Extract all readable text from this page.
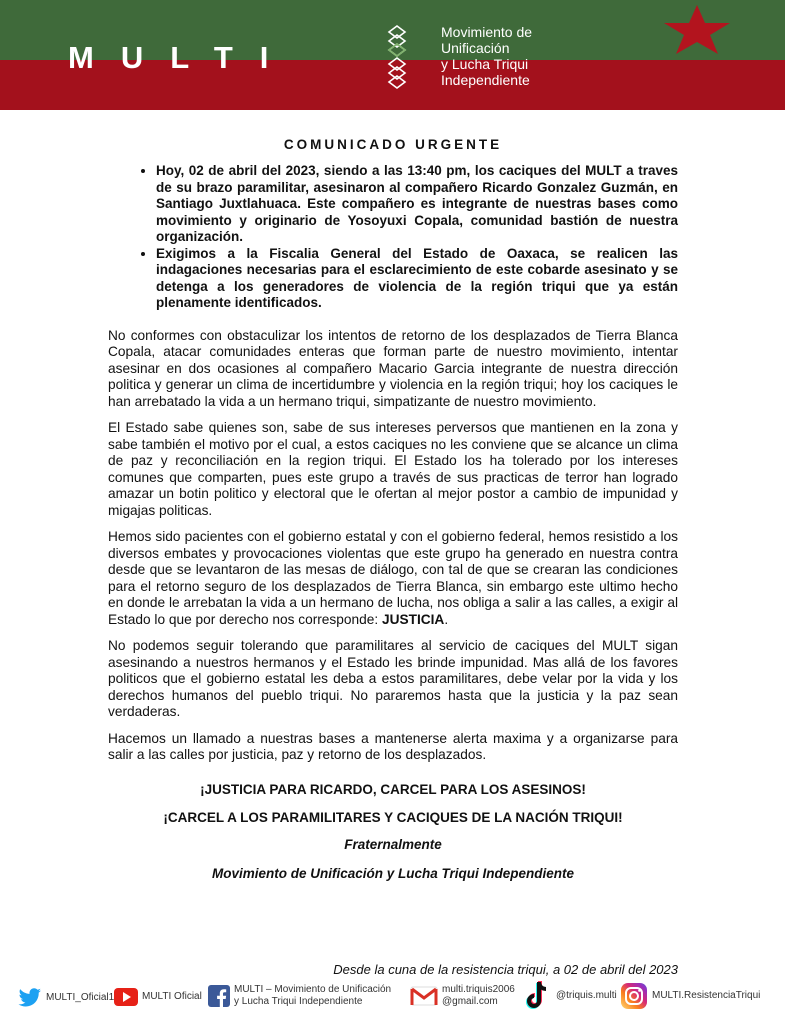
MULTI
Movimiento de
Unificación
y Lucha Triqui
Independiente
COMUNICADO URGENTE
• Hoy, 02 de abril del 2023, siendo a las 13:40 pm, los caciques del MULT a traves de su brazo paramilitar, asesinaron al compañero Ricardo Gonzalez Guzmán, en Santiago Juxtlahuaca. Este compañero es integrante de nuestras bases como movimiento y originario de Yosoyuxi Copala, comunidad bastión de nuestra organización.
• Exigimos a la Fiscalia General del Estado de Oaxaca, se realicen las indagaciones necesarias para el esclarecimiento de este cobarde asesinato y se detenga a los generadores de violencia de la región triqui que ya están plenamente identificados.

No conformes con obstaculizar los intentos de retorno de los desplazados de Tierra Blanca Copala, atacar comunidades enteras que forman parte de nuestro movimiento, intentar asesinar en dos ocasiones al compañero Macario Garcia integrante de nuestra dirección politica y generar un clima de incertidumbre y violencia en la región triqui; hoy los caciques le han arrebatado la vida a un hermano triqui, simpatizante de nuestro movimiento.

El Estado sabe quienes son, sabe de sus intereses perversos que mantienen en la zona y sabe también el motivo por el cual, a estos caciques no les conviene que se alcance un clima de paz y reconciliación en la region triqui. El Estado los ha tolerado por los intereses comunes que comparten, pues este grupo a través de sus practicas de terror han logrado amazar un botin politico y electoral que le ofertan al mejor postor a cambio de impunidad y migajas politicas.

Hemos sido pacientes con el gobierno estatal y con el gobierno federal, hemos resistido a los diversos embates y provocaciones violentas que este grupo ha generado en nuestra contra desde que se levantaron de las mesas de diálogo, con tal de que se crearan las condiciones para el retorno seguro de los desplazados de Tierra Blanca, sin embargo este ultimo hecho en donde le arrebatan la vida a un hermano de lucha, nos obliga a salir a las calles, a exigir al Estado lo que por derecho nos corresponde: JUSTICIA.

No podemos seguir tolerando que paramilitares al servicio de caciques del MULT sigan asesinando a nuestros hermanos y el Estado les brinde impunidad. Mas allá de los favores politicos que el gobierno estatal les deba a estos paramilitares, debe velar por la vida y los derechos humanos del pueblo triqui. No pararemos hasta que la justicia y la paz sean verdaderas.

Hacemos un llamado a nuestras bases a mantenerse alerta maxima y a organizarse para salir a las calles por justicia, paz y retorno de los desplazados.

¡JUSTICIA PARA RICARDO, CARCEL PARA LOS ASESINOS!
¡CARCEL A LOS PARAMILITARES Y CACIQUES DE LA NACIÓN TRIQUI!
Fraternalmente
Movimiento de Unificación y Lucha Triqui Independiente
Desde la cuna de la resistencia triqui, a 02 de abril del 2023
MULTI_Oficial1	MULTI Oficial
MULTI – Movimiento de Unificación
y Lucha Triqui Independiente
multi.triquis2006
@gmail.com
@triquis.multi	MULTI.ResistenciaTriqui
